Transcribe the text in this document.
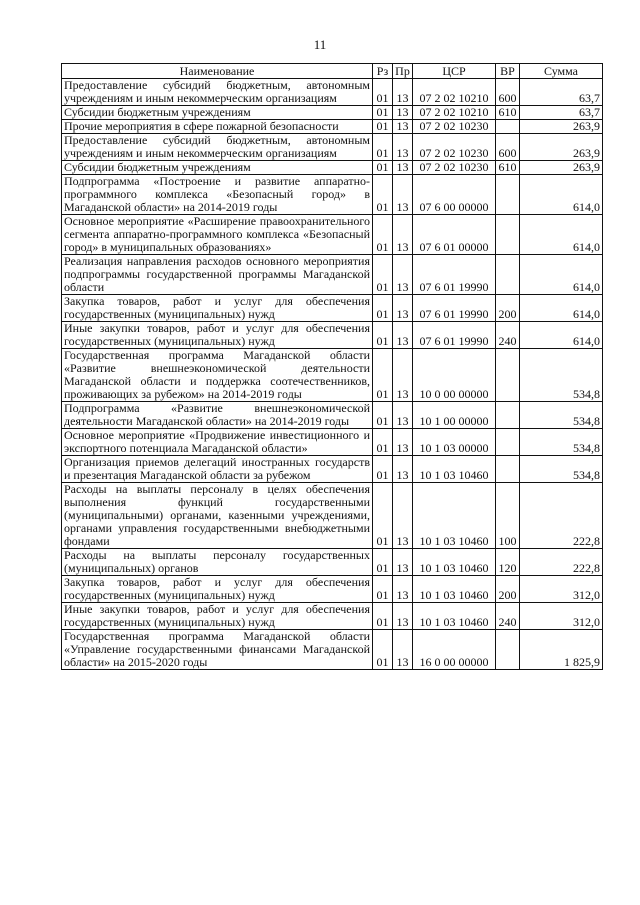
11
Наименование	Рз	Пр	ЦСР	ВР	Сумма
Предоставление субсидий бюджетным, автономным учреждениям и иным некоммерческим организациям	01	13	07 2 02 10210	600	63,7
Субсидии бюджетным учреждениям	01	13	07 2 02 10210	610	63,7
Прочие мероприятия в сфере пожарной безопасности	01	13	07 2 02 10230		263,9
Предоставление субсидий бюджетным, автономным учреждениям и иным некоммерческим организациям	01	13	07 2 02 10230	600	263,9
Субсидии бюджетным учреждениям	01	13	07 2 02 10230	610	263,9
Подпрограмма «Построение и развитие аппаратно-программного комплекса «Безопасный город» в Магаданской области» на 2014-2019 годы	01	13	07 6 00 00000		614,0
Основное мероприятие «Расширение правоохранительного сегмента аппаратно-программного комплекса «Безопасный город» в муниципальных образованиях»	01	13	07 6 01 00000		614,0
Реализация направления расходов основного мероприятия подпрограммы государственной программы Магаданской области	01	13	07 6 01 19990		614,0
Закупка товаров, работ и услуг для обеспечения государственных (муниципальных) нужд	01	13	07 6 01 19990	200	614,0
Иные закупки товаров, работ и услуг для обеспечения государственных (муниципальных) нужд	01	13	07 6 01 19990	240	614,0
Государственная программа Магаданской области «Развитие внешнеэкономической деятельности Магаданской области и поддержка соотечественников, проживающих за рубежом» на 2014-2019 годы	01	13	10 0 00 00000		534,8
Подпрограмма «Развитие внешнеэкономической деятельности Магаданской области» на 2014-2019 годы	01	13	10 1 00 00000		534,8
Основное мероприятие «Продвижение инвестиционного и экспортного потенциала Магаданской области»	01	13	10 1 03 00000		534,8
Организация приемов делегаций иностранных государств и презентация Магаданской области за рубежом	01	13	10 1 03 10460		534,8
Расходы на выплаты персоналу в целях обеспечения выполнения функций государственными (муниципальными) органами, казенными учреждениями, органами управления государственными внебюджетными фондами	01	13	10 1 03 10460	100	222,8
Расходы на выплаты персоналу государственных (муниципальных) органов	01	13	10 1 03 10460	120	222,8
Закупка товаров, работ и услуг для обеспечения государственных (муниципальных) нужд	01	13	10 1 03 10460	200	312,0
Иные закупки товаров, работ и услуг для обеспечения государственных (муниципальных) нужд	01	13	10 1 03 10460	240	312,0
Государственная программа Магаданской области «Управление государственными финансами Магаданской области» на 2015-2020 годы	01	13	16 0 00 00000		1 825,9
